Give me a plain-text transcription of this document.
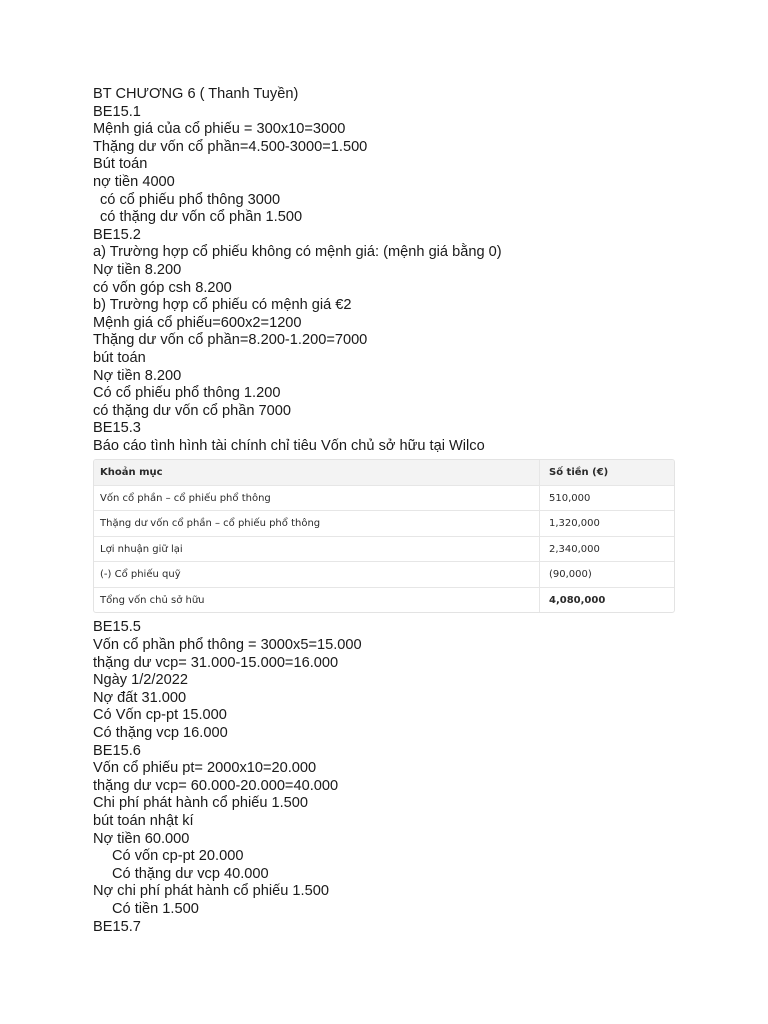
BT CHƯƠNG 6 ( Thanh Tuyền)
BE15.1
Mệnh giá của cổ phiếu = 300x10=3000
Thặng dư vốn cổ phần=4.500-3000=1.500
Bút toán
nợ tiền 4000
có cổ phiếu phổ thông 3000
có thặng dư vốn cổ phần 1.500
BE15.2
a) Trường hợp cổ phiếu không có mệnh giá: (mệnh giá bằng 0)
Nợ tiền 8.200
có vốn góp csh 8.200
b) Trường hợp cổ phiếu có mệnh giá €2
Mệnh giá cổ phiếu=600x2=1200
Thặng dư vốn cổ phần=8.200-1.200=7000
bút toán
Nợ tiền 8.200
Có cổ phiếu phổ thông 1.200
có thặng dư vốn cổ phần 7000
BE15.3
Báo cáo tình hình tài chính chỉ tiêu Vốn chủ sở hữu tại Wilco
Khoản mục	Số tiền (€)
Vốn cổ phần – cổ phiếu phổ thông	510,000
Thặng dư vốn cổ phần – cổ phiếu phổ thông	1,320,000
Lợi nhuận giữ lại	2,340,000
(-) Cổ phiếu quỹ	(90,000)
Tổng vốn chủ sở hữu	4,080,000
BE15.5
Vốn cổ phần phổ thông = 3000x5=15.000
thặng dư vcp= 31.000-15.000=16.000
Ngày 1/2/2022
Nợ đất 31.000
Có Vốn cp-pt 15.000
Có thặng vcp 16.000
BE15.6
Vốn cổ phiếu pt= 2000x10=20.000
thặng dư vcp= 60.000-20.000=40.000
Chi phí phát hành cổ phiếu 1.500
bút toán nhật kí
Nợ tiền 60.000
Có vốn cp-pt 20.000
Có thặng dư vcp 40.000
Nợ chi phí phát hành cổ phiếu 1.500
Có tiền 1.500
BE15.7
